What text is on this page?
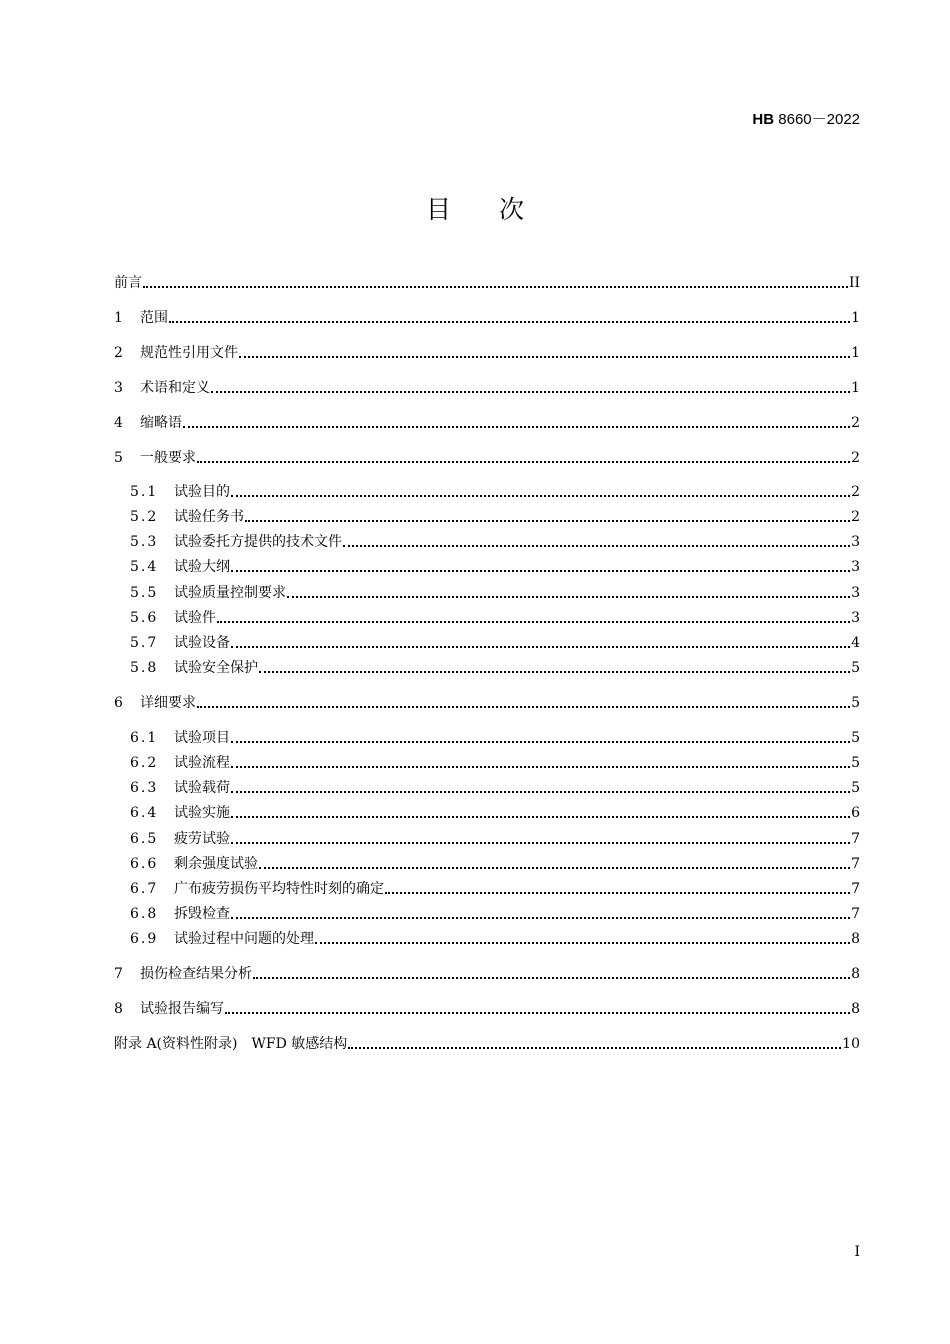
HB 8660－2022
目次
前言	II
1	范围	1
2	规范性引用文件	1
3	术语和定义	1
4	缩略语	2
5	一般要求	2
5.1	试验目的	2
5.2	试验任务书	2
5.3	试验委托方提供的技术文件	3
5.4	试验大纲	3
5.5	试验质量控制要求	3
5.6	试验件	3
5.7	试验设备	4
5.8	试验安全保护	5
6	详细要求	5
6.1	试验项目	5
6.2	试验流程	5
6.3	试验载荷	5
6.4	试验实施	6
6.5	疲劳试验	7
6.6	剩余强度试验	7
6.7	广布疲劳损伤平均特性时刻的确定	7
6.8	拆毁检查	7
6.9	试验过程中问题的处理	8
7	损伤检查结果分析	8
8	试验报告编写	8
附录 A(资料性附录)　WFD 敏感结构	10
I
